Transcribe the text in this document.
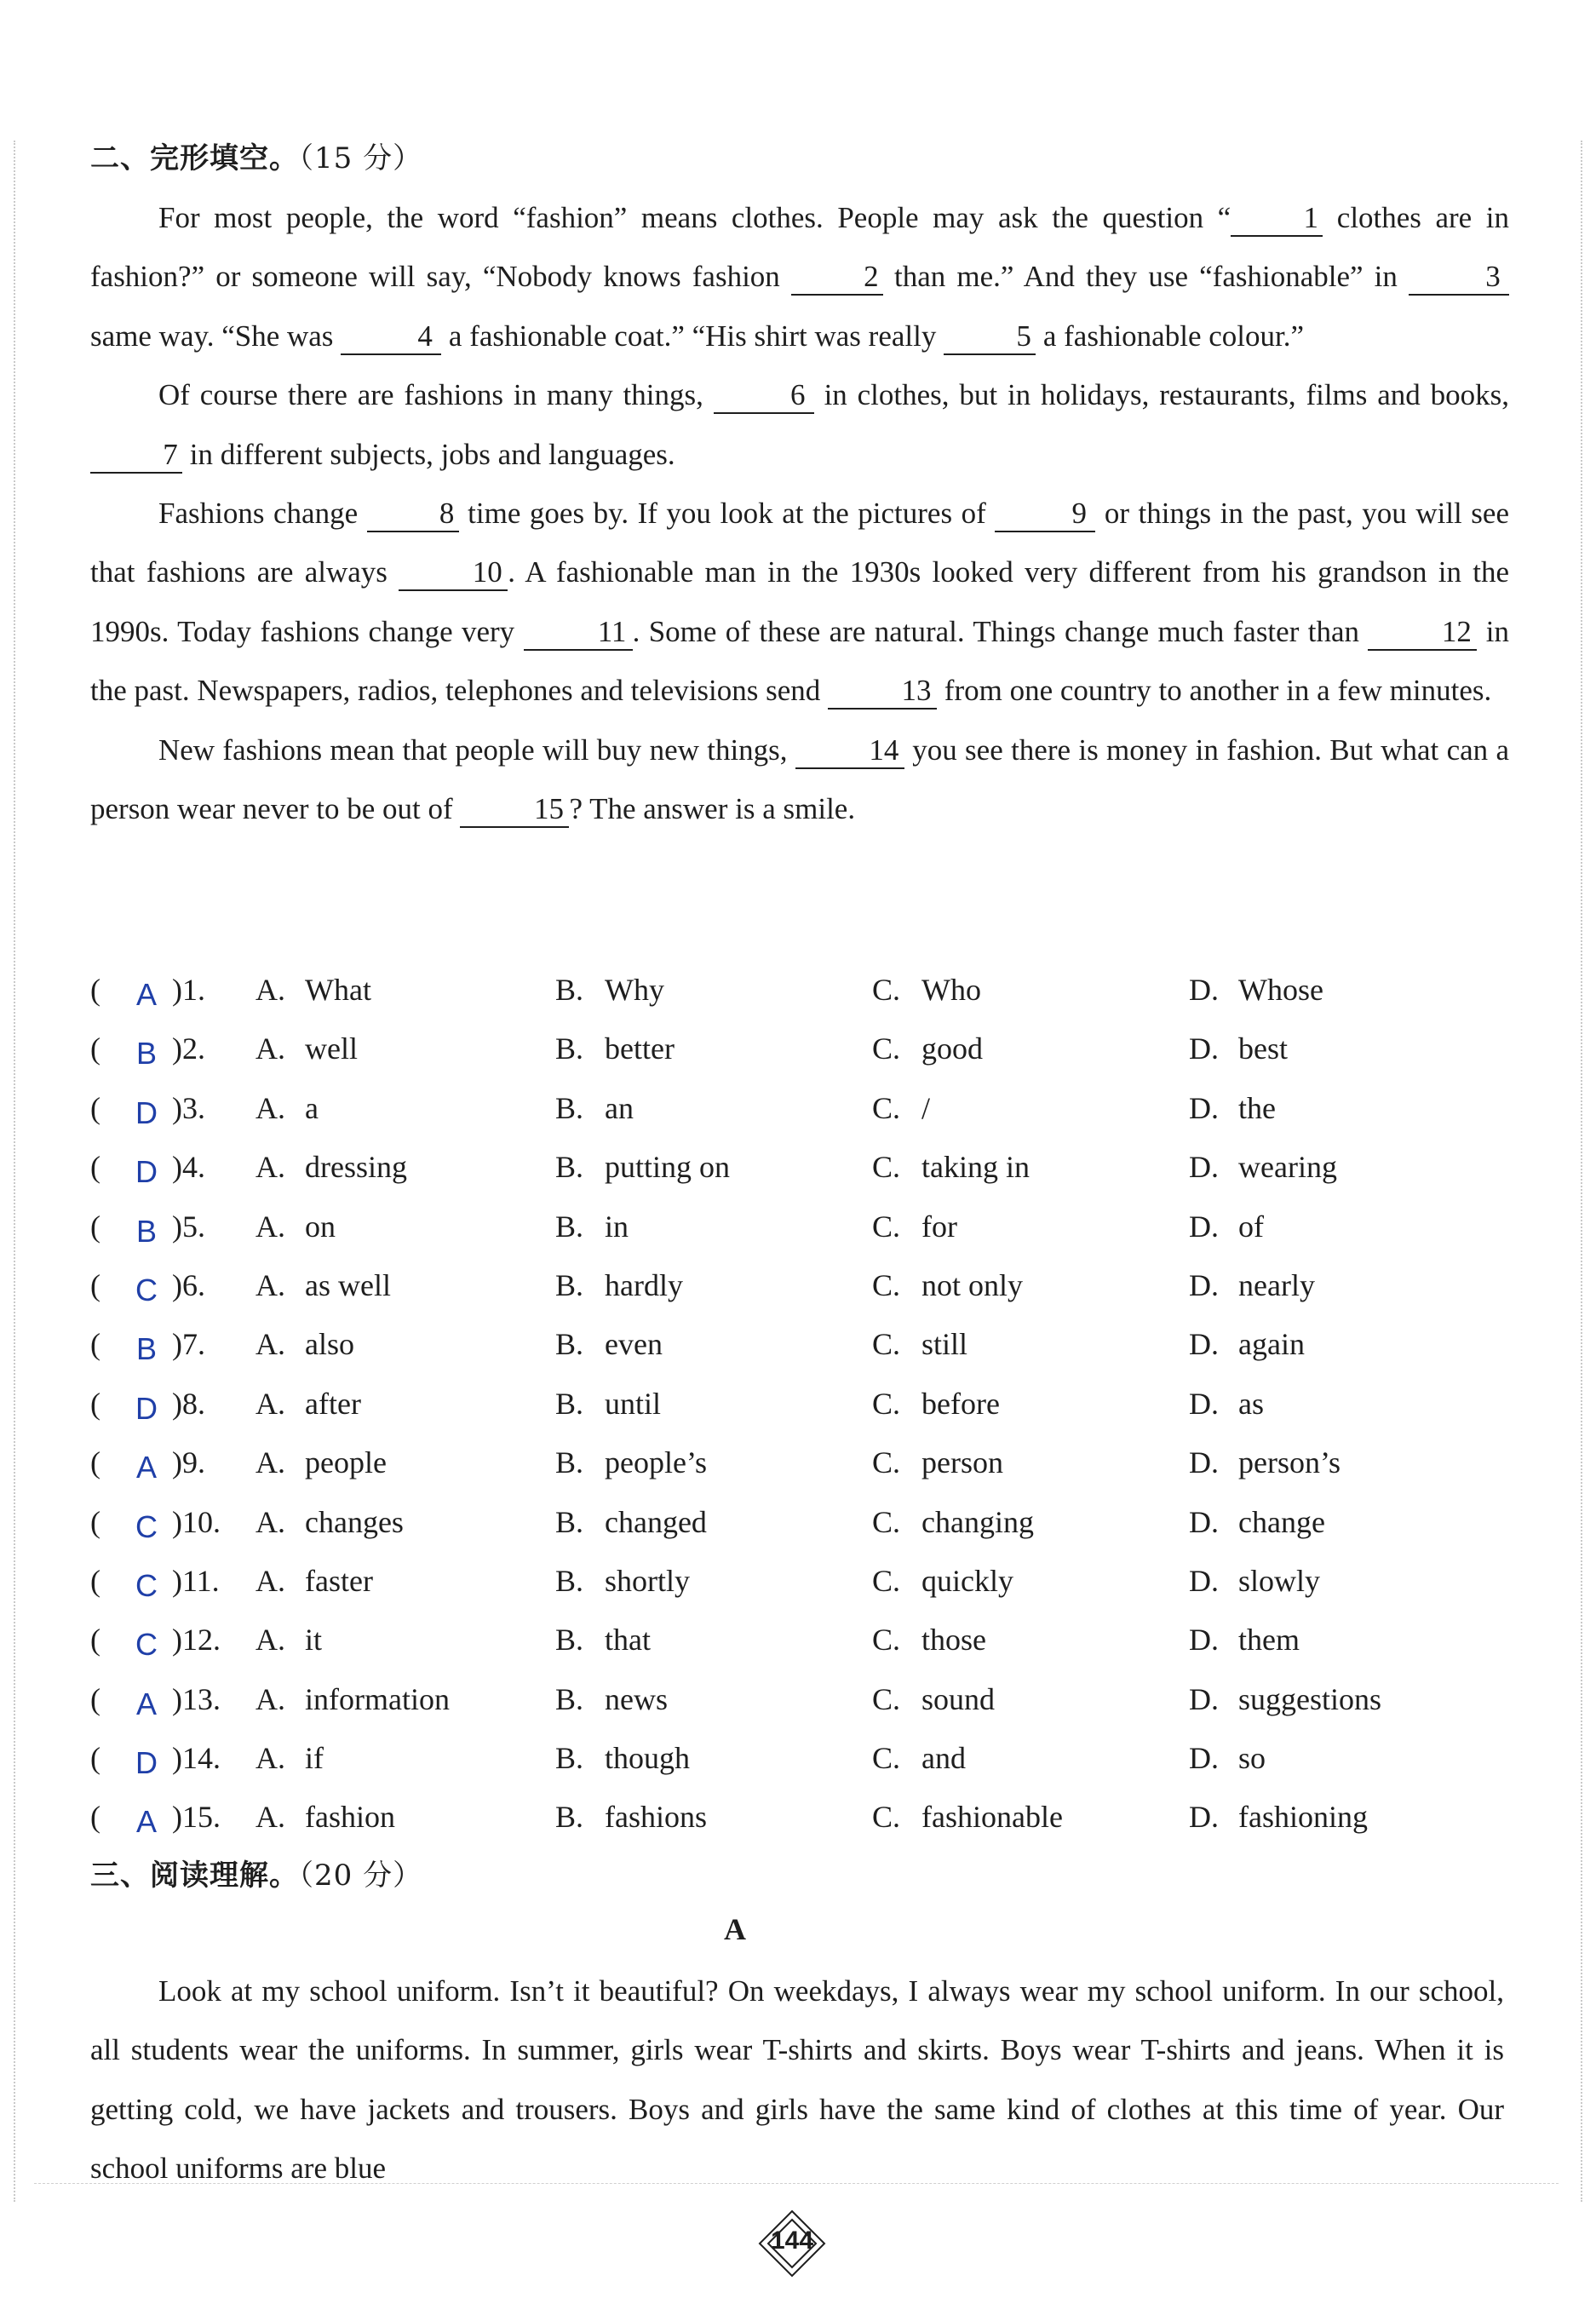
二、完形填空。（15 分）

For most people, the word “fashion” means clothes. People may ask the question “ 1 clothes are in fashion?” or someone will say, “Nobody knows fashion 2 than me.” And they use “fashionable” in	3 same way. “She was	4 a fashionable coat.” “His shirt was really 5 a fashionable colour.”

Of course there are fashions in many things,	6 in clothes, but in holidays, restaurants, films and books, 7 in different subjects, jobs and languages.

Fashions change 8 time goes by. If you look at the pictures of	9 or things in the past, you will see that fashions are always 10 . A fashionable man in the 1930s looked very different from his grandson in the 1990s. Today fashions change very 11 . Some of these are natural. Things change much faster than 12 in the past. Newspapers, radios, telephones and televisions send 13 from one country to another in a few minutes.

New fashions mean that people will buy new things, 14 you see there is money in fashion. But what can a person wear never to be out of 15 ? The answer is a smile.

( A )1. A. What	B. Why	C. Who	D. Whose
( B )2. A. well	B. better	C. good	D. best
( D )3. A. a	B. an	C. /	D. the
( D )4. A. dressing	B. putting on	C. taking in	D. wearing
( B )5. A. on	B. in	C. for	D. of
( C )6. A. as well	B. hardly	C. not only	D. nearly
( B )7. A. also	B. even	C. still	D. again
( D )8. A. after	B. until	C. before	D. as
( A )9. A. people	B. people’s	C. person	D. person’s
( C )10. A. changes	B. changed	C. changing	D. change
( C )11. A. faster	B. shortly	C. quickly	D. slowly
( C )12. A. it	B. that	C. those	D. them
( A )13. A. information	B. news	C. sound	D. suggestions
( D )14. A. if	B. though	C. and	D. so
( A )15. A. fashion	B. fashions	C. fashionable	D. fashioning
三、阅读理解。（20 分）
A

Look at my school uniform. Isn’t it beautiful? On weekdays, I always wear my school uniform. In our school, all students wear the uniforms. In summer, girls wear T-shirts and skirts. Boys wear T-shirts and jeans. When it is getting cold, we have jackets and trousers. Boys and girls have the same kind of clothes at this time of year. Our school uniforms are blue

144
